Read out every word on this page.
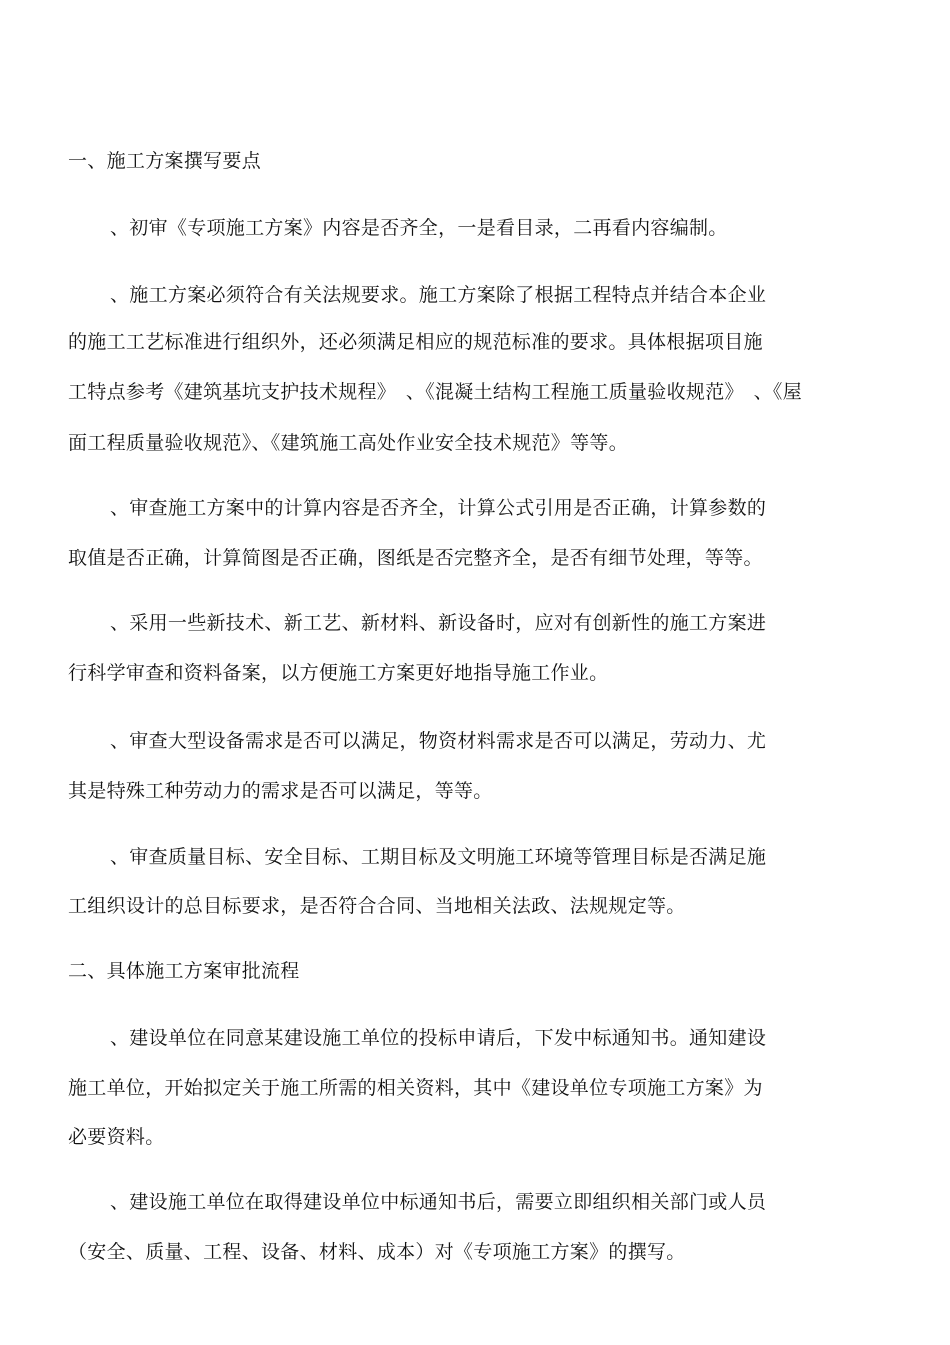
一、施工方案撰写要点
、初审《专项施工方案》内容是否齐全，一是看目录，二再看内容编制。
、施工方案必须符合有关法规要求。施工方案除了根据工程特点并结合本企业
的施工工艺标准进行组织外，还必须满足相应的规范标准的要求。具体根据项目施
工特点参考《建筑基坑支护技术规程》　、《混凝土结构工程施工质量验收规范》　、《屋
面工程质量验收规范》、《建筑施工高处作业安全技术规范》等等。
、审查施工方案中的计算内容是否齐全，计算公式引用是否正确，计算参数的
取值是否正确，计算简图是否正确，图纸是否完整齐全，是否有细节处理，等等。
、采用一些新技术、新工艺、新材料、新设备时，应对有创新性的施工方案进
行科学审查和资料备案，以方便施工方案更好地指导施工作业。
、审查大型设备需求是否可以满足，物资材料需求是否可以满足，劳动力、尤
其是特殊工种劳动力的需求是否可以满足，等等。
、审查质量目标、安全目标、工期目标及文明施工环境等管理目标是否满足施
工组织设计的总目标要求，是否符合合同、当地相关法政、法规规定等。
二、具体施工方案审批流程
、建设单位在同意某建设施工单位的投标申请后，下发中标通知书。通知建设
施工单位，开始拟定关于施工所需的相关资料，其中《建设单位专项施工方案》为
必要资料。
、建设施工单位在取得建设单位中标通知书后，需要立即组织相关部门或人员
（安全、质量、工程、设备、材料、成本）对《专项施工方案》的撰写。
